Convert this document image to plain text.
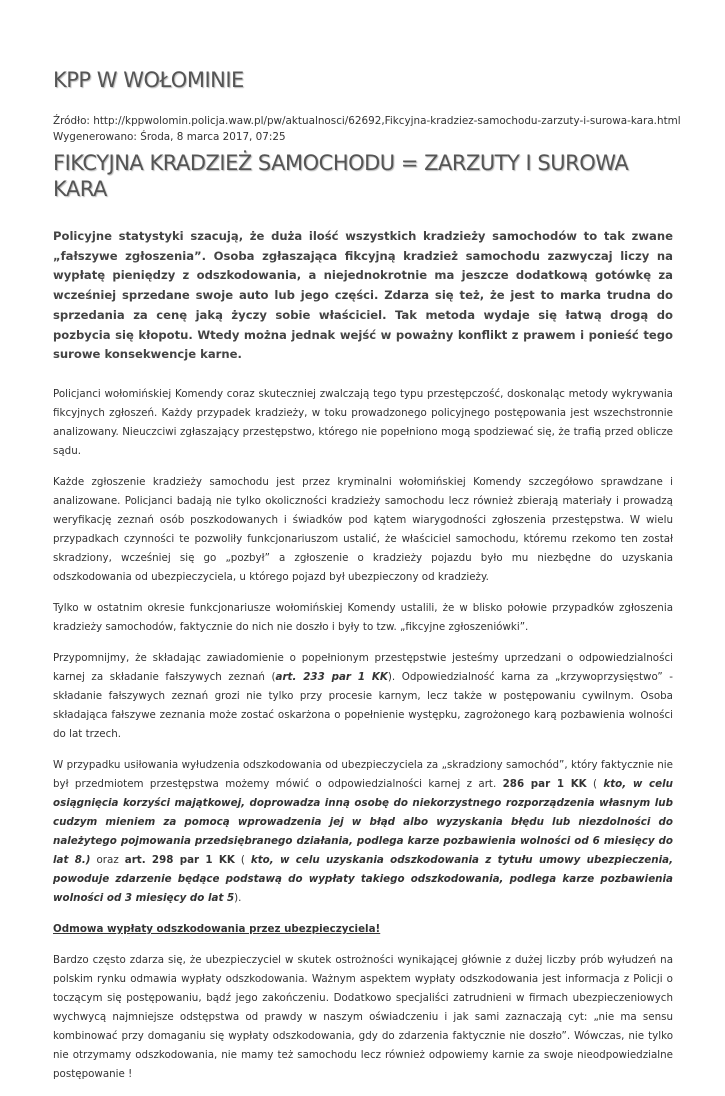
KPP W WOŁOMINIE
Źródło: http://kppwolomin.policja.waw.pl/pw/aktualnosci/62692,Fikcyjna-kradziez-samochodu-zarzuty-i-surowa-kara.html
Wygenerowano: Środa, 8 marca 2017, 07:25
FIKCYJNA KRADZIEŻ SAMOCHODU = ZARZUTY I SUROWA KARA

Policyjne statystyki szacują, że duża ilość wszystkich kradzieży samochodów to tak zwane „fałszywe zgłoszenia”. Osoba zgłaszająca fikcyjną kradzież samochodu zazwyczaj liczy na wypłatę pieniędzy z odszkodowania, a niejednokrotnie ma jeszcze dodatkową gotówkę za wcześniej sprzedane swoje auto lub jego części. Zdarza się też, że jest to marka trudna do sprzedania za cenę jaką życzy sobie właściciel. Tak metoda wydaje się łatwą drogą do pozbycia się kłopotu. Wtedy można jednak wejść w poważny konflikt z prawem i ponieść tego surowe konsekwencje karne.

Policjanci wołomińskiej Komendy coraz skuteczniej zwalczają tego typu przestępczość, doskonaląc metody wykrywania fikcyjnych zgłoszeń. Każdy przypadek kradzieży, w toku prowadzonego policyjnego postępowania jest wszechstronnie analizowany. Nieuczciwi zgłaszający przestępstwo, którego nie popełniono mogą spodziewać się, że trafią przed oblicze sądu.

Każde zgłoszenie kradzieży samochodu jest przez kryminalni wołomińskiej Komendy szczegółowo sprawdzane i analizowane. Policjanci badają nie tylko okoliczności kradzieży samochodu lecz również zbierają materiały i prowadzą weryfikację zeznań osób poszkodowanych i świadków pod kątem wiarygodności zgłoszenia przestępstwa. W wielu przypadkach czynności te pozwoliły funkcjonariuszom ustalić, że właściciel samochodu, któremu rzekomo ten został skradziony, wcześniej się go „pozbył” a zgłoszenie o kradzieży pojazdu było mu niezbędne do uzyskania odszkodowania od ubezpieczyciela, u którego pojazd był ubezpieczony od kradzieży.

Tylko w ostatnim okresie funkcjonariusze wołomińskiej Komendy ustalili, że w blisko połowie przypadków zgłoszenia kradzieży samochodów, faktycznie do nich nie doszło i były to tzw. „fikcyjne zgłoszeniówki”.

Przypomnijmy, że składając zawiadomienie o popełnionym przestępstwie jesteśmy uprzedzani o odpowiedzialności karnej za składanie fałszywych zeznań (art. 233 par 1 KK). Odpowiedzialność karna za „krzywoprzysięstwo” - składanie fałszywych zeznań grozi nie tylko przy procesie karnym, lecz także w postępowaniu cywilnym. Osoba składająca fałszywe zeznania może zostać oskarżona o popełnienie występku, zagrożonego karą pozbawienia wolności do lat trzech.

W przypadku usiłowania wyłudzenia odszkodowania od ubezpieczyciela za „skradziony samochód”, który faktycznie nie był przedmiotem przestępstwa możemy mówić o odpowiedzialności karnej z art. 286 par 1 KK ( kto, w celu osiągnięcia korzyści majątkowej, doprowadza inną osobę do niekorzystnego rozporządzenia własnym lub cudzym mieniem za pomocą wprowadzenia jej w błąd albo wyzyskania błędu lub niezdolności do należytego pojmowania przedsiębranego działania, podlega karze pozbawienia wolności od 6 miesięcy do lat 8.) oraz art. 298 par 1 KK ( kto, w celu uzyskania odszkodowania z tytułu umowy ubezpieczenia, powoduje zdarzenie będące podstawą do wypłaty takiego odszkodowania, podlega karze pozbawienia wolności od 3 miesięcy do lat 5).

Odmowa wypłaty odszkodowania przez ubezpieczyciela!

Bardzo często zdarza się, że ubezpieczyciel w skutek ostrożności wynikającej głównie z dużej liczby prób wyłudzeń na polskim rynku odmawia wypłaty odszkodowania. Ważnym aspektem wypłaty odszkodowania jest informacja z Policji o toczącym się postępowaniu, bądź jego zakończeniu. Dodatkowo specjaliści zatrudnieni w firmach ubezpieczeniowych wychwycą najmniejsze odstępstwa od prawdy w naszym oświadczeniu i jak sami zaznaczają cyt: „nie ma sensu kombinować przy domaganiu się wypłaty odszkodowania, gdy do zdarzenia faktycznie nie doszło”. Wówczas, nie tylko nie otrzymamy odszkodowania, nie mamy też samochodu lecz również odpowiemy karnie za swoje nieodpowiedzialne postępowanie !
